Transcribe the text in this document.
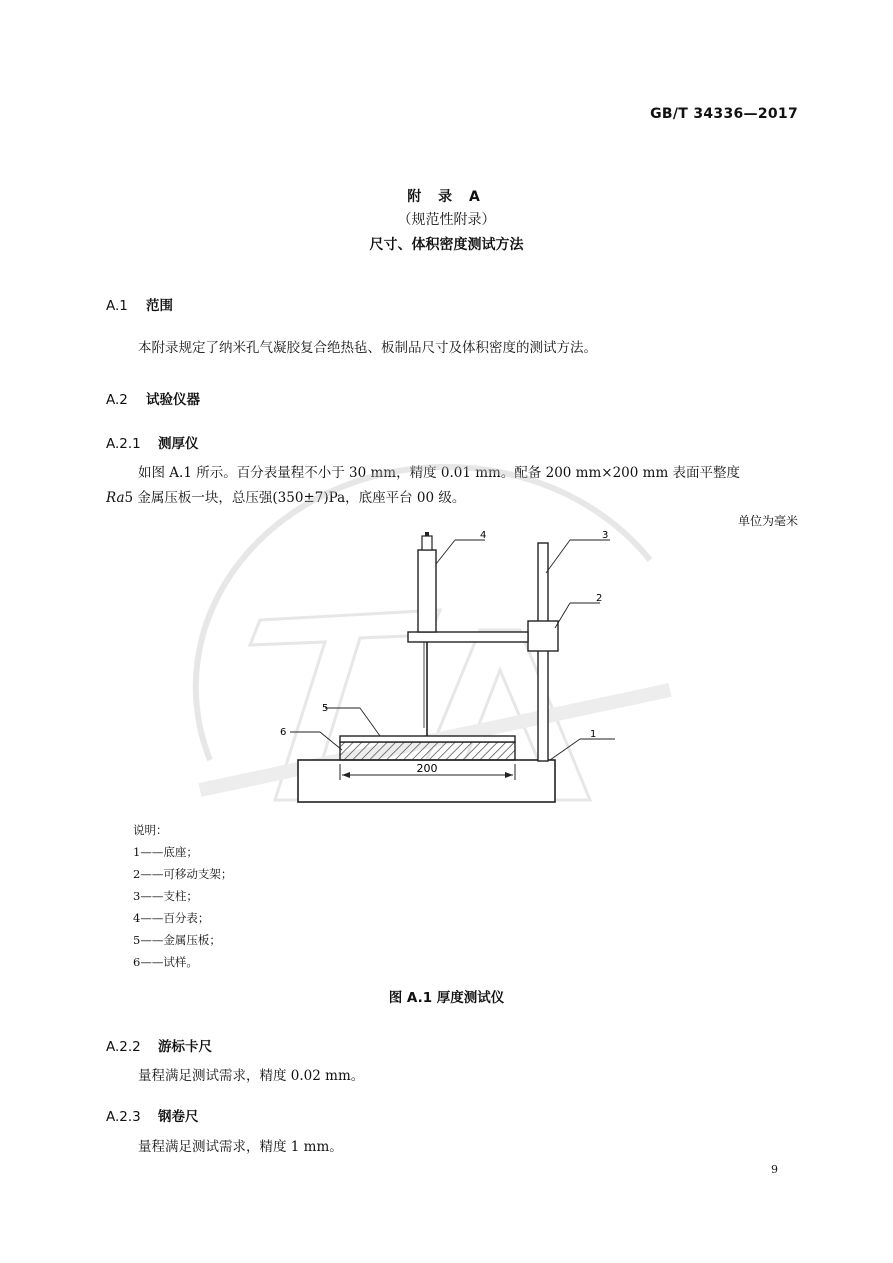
GB/T 34336—2017
附 录 A
（规范性附录）
尺寸、体积密度测试方法
A.1 范围
本附录规定了纳米孔气凝胶复合绝热毡、板制品尺寸及体积密度的测试方法。
A.2 试验仪器
A.2.1 测厚仪
如图 A.1 所示。百分表量程不小于 30 mm，精度 0.01 mm。配备 200 mm×200 mm 表面平整度
Ra5 金属压板一块，总压强(350±7)Pa，底座平台 00 级。
单位为毫米
200
1
2
3
4
5
6
说明：
1——底座；
2——可移动支架；
3——支柱；
4——百分表；
5——金属压板；
6——试样。
图 A.1 厚度测试仪
A.2.2 游标卡尺
量程满足测试需求，精度 0.02 mm。
A.2.3 钢卷尺
量程满足测试需求，精度 1 mm。
9
